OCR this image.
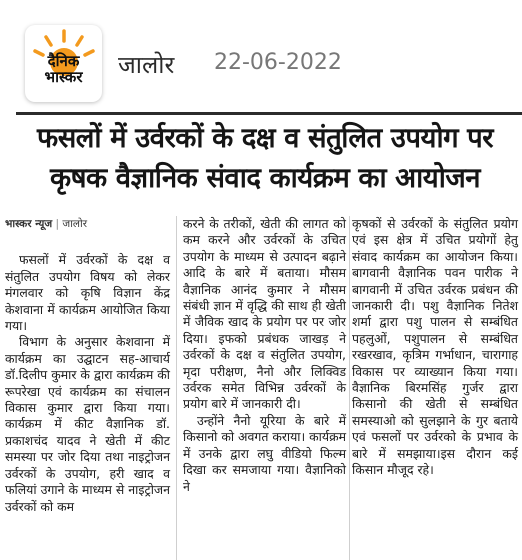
दैनिक
भास्कर	जालोर 22-06-2022
फसलों में उर्वरकों के दक्ष व संतुलित उपयोग पर
कृषक वैज्ञानिक संवाद कार्यक्रम का आयोजन
भास्कर न्यूज | जालोर

फसलों में उर्वरकों के दक्ष व संतुलित उपयोग विषय को लेकर मंगलवार को कृषि विज्ञान केंद्र केशवाना में कार्यक्रम आयोजित किया गया।

विभाग के अनुसार केशवाना में कार्यक्रम का उद्घाटन सह-आचार्य डॉ.दिलीप कुमार के द्वारा कार्यक्रम की रूपरेखा एवं कार्यक्रम का संचालन विकास कुमार द्वारा किया गया। कार्यक्रम में कीट वैज्ञानिक डॉ. प्रकाशचंद यादव ने खेती में कीट समस्या पर जोर दिया तथा नाइट्रोजन उर्वरकों के उपयोग, हरी खाद व फलियां उगाने के माध्यम से नाइट्रोजन उर्वरकों को कम

करने के तरीकों, खेती की लागत को कम करने और उर्वरकों के उचित उपयोग के माध्यम से उत्पादन बढ़ाने आदि के बारे में बताया। मौसम वैज्ञानिक आनंद कुमार ने मौसम संबंधी ज्ञान में वृद्धि की साथ ही खेती में जैविक खाद के प्रयोग पर पर जोर दिया। इफको प्रबंधक जाखड़ ने उर्वरकों के दक्ष व संतुलित उपयोग, मृदा परीक्षण, नैनो और लिक्विड उर्वरक समेत विभिन्न उर्वरकों के प्रयोग बारे में जानकारी दी।

उन्होंने नैनो यूरिया के बारे में किसानो को अवगत कराया। कार्यक्रम में उनके द्वारा लघु वीडियो फिल्म दिखा कर समजाया गया। वैज्ञानिको ने

कृषकों से उर्वरकों के संतुलित प्रयोग एवं इस क्षेत्र में उचित प्रयोगों हेतु संवाद कार्यक्रम का आयोजन किया। बागवानी वैज्ञानिक पवन पारीक ने बागवानी में उचित उर्वरक प्रबंधन की जानकारी दी। पशु वैज्ञानिक नितेश शर्मा द्वारा पशु पालन से सम्बंधित पहलुओं, पशुपालन से सम्बंधित रखरखाव, कृत्रिम गर्भाधान, चारागाह विकास पर व्याख्यान किया गया। वैज्ञानिक बिरमसिंह गुर्जर द्वारा किसानो की खेती से सम्बंधित समस्याओ को सुलझाने के गुर बताये एवं फसलों पर उर्वरको के प्रभाव के बारे में समझाया।इस दौरान कई किसान मौजूद रहे।
